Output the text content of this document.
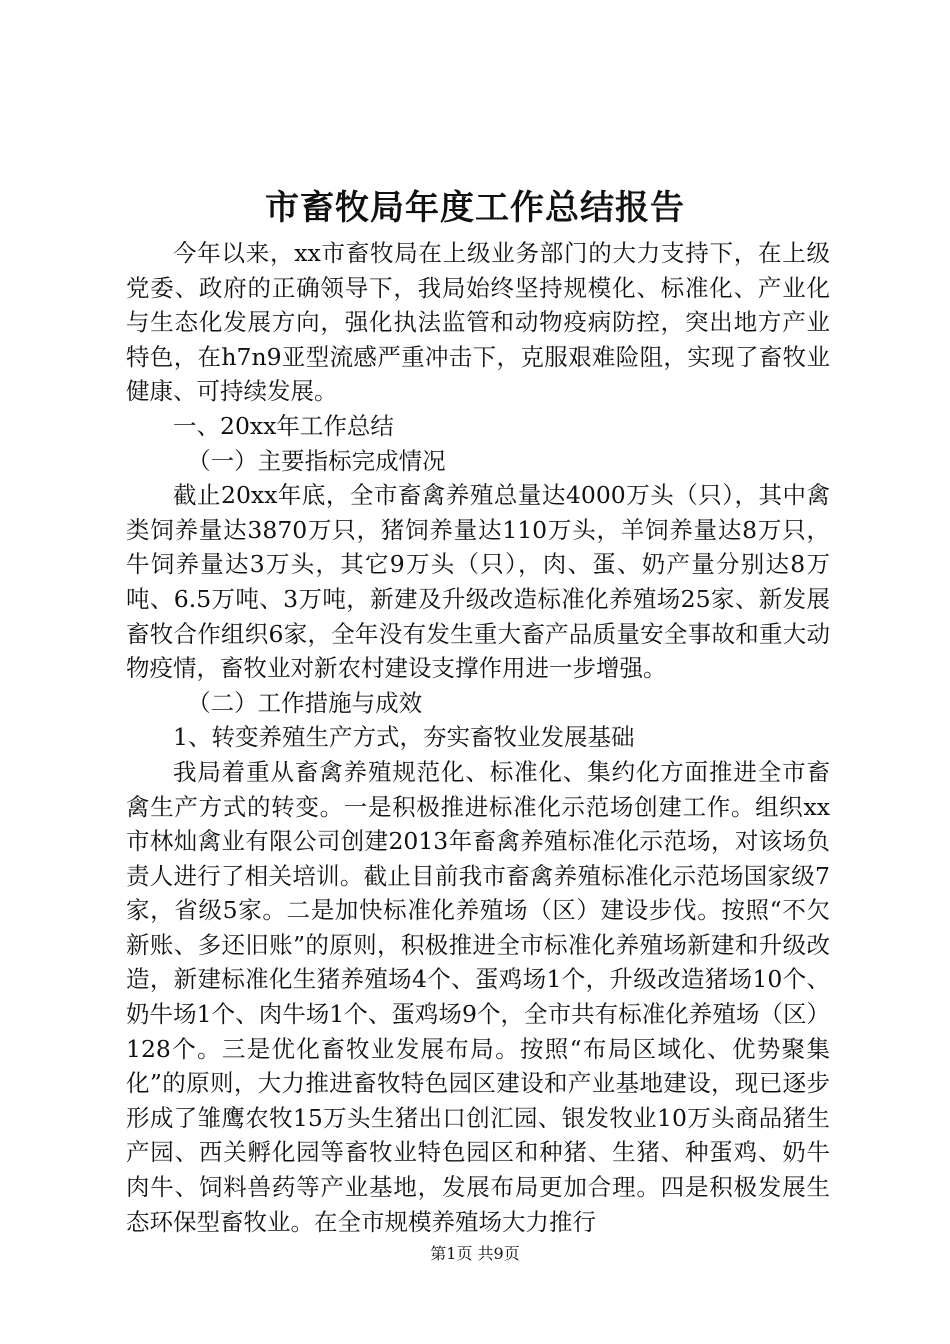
市畜牧局年度工作总结报告

今年以来，xx市畜牧局在上级业务部门的大力支持下，在上级党委、政府的正确领导下，我局始终坚持规模化、标准化、产业化与生态化发展方向，强化执法监管和动物疫病防控，突出地方产业特色，在h7n9亚型流感严重冲击下，克服艰难险阻，实现了畜牧业健康、可持续发展。

一、20xx年工作总结

（一）主要指标完成情况

截止20xx年底，全市畜禽养殖总量达4000万头（只），其中禽类饲养量达3870万只，猪饲养量达110万头，羊饲养量达8万只，牛饲养量达3万头，其它9万头（只），肉、蛋、奶产量分别达8万吨、6.5万吨、3万吨，新建及升级改造标准化养殖场25家、新发展畜牧合作组织6家，全年没有发生重大畜产品质量安全事故和重大动物疫情，畜牧业对新农村建设支撑作用进一步增强。

（二）工作措施与成效

1、转变养殖生产方式，夯实畜牧业发展基础

我局着重从畜禽养殖规范化、标准化、集约化方面推进全市畜禽生产方式的转变。一是积极推进标准化示范场创建工作。组织xx市林灿禽业有限公司创建2013年畜禽养殖标准化示范场，对该场负责人进行了相关培训。截止目前我市畜禽养殖标准化示范场国家级7家，省级5家。二是加快标准化养殖场（区）建设步伐。按照“不欠新账、多还旧账”的原则，积极推进全市标准化养殖场新建和升级改造，新建标准化生猪养殖场4个、蛋鸡场1个，升级改造猪场10个、奶牛场1个、肉牛场1个、蛋鸡场9个，全市共有标准化养殖场（区）128个。三是优化畜牧业发展布局。按照“布局区域化、优势聚集化”的原则，大力推进畜牧特色园区建设和产业基地建设，现已逐步形成了雏鹰农牧15万头生猪出口创汇园、银发牧业10万头商品猪生产园、西关孵化园等畜牧业特色园区和种猪、生猪、种蛋鸡、奶牛肉牛、饲料兽药等产业基地，发展布局更加合理。四是积极发展生态环保型畜牧业。在全市规模养殖场大力推行

第1页 共9页
